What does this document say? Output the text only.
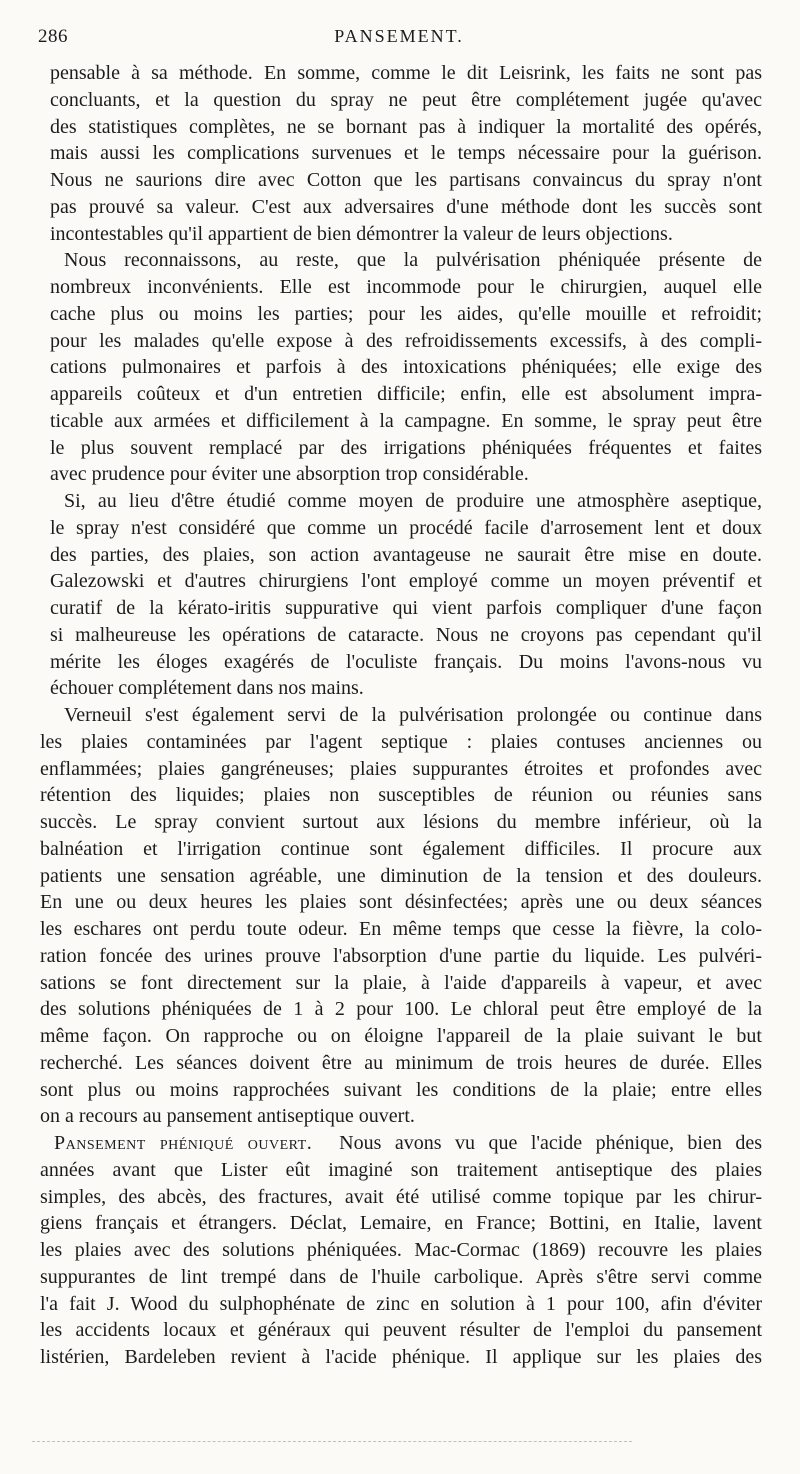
286	PANSEMENT.
pensable à sa méthode. En somme, comme le dit Leisrink, les faits ne sont pas
concluants, et la question du spray ne peut être complétement jugée qu'avec
des statistiques complètes, ne se bornant pas à indiquer la mortalité des opérés,
mais aussi les complications survenues et le temps nécessaire pour la guérison.
Nous ne saurions dire avec Cotton que les partisans convaincus du spray n'ont
pas prouvé sa valeur. C'est aux adversaires d'une méthode dont les succès sont
incontestables qu'il appartient de bien démontrer la valeur de leurs objections.
Nous reconnaissons, au reste, que la pulvérisation phéniquée présente de
nombreux inconvénients. Elle est incommode pour le chirurgien, auquel elle
cache plus ou moins les parties; pour les aides, qu'elle mouille et refroidit;
pour les malades qu'elle expose à des refroidissements excessifs, à des compli-
cations pulmonaires et parfois à des intoxications phéniquées; elle exige des
appareils coûteux et d'un entretien difficile; enfin, elle est absolument impra-
ticable aux armées et difficilement à la campagne. En somme, le spray peut être
le plus souvent remplacé par des irrigations phéniquées fréquentes et faites
avec prudence pour éviter une absorption trop considérable.
Si, au lieu d'être étudié comme moyen de produire une atmosphère aseptique,
le spray n'est considéré que comme un procédé facile d'arrosement lent et doux
des parties, des plaies, son action avantageuse ne saurait être mise en doute.
Galezowski et d'autres chirurgiens l'ont employé comme un moyen préventif et
curatif de la kérato-iritis suppurative qui vient parfois compliquer d'une façon
si malheureuse les opérations de cataracte. Nous ne croyons pas cependant qu'il
mérite les éloges exagérés de l'oculiste français. Du moins l'avons-nous vu
échouer complétement dans nos mains.
Verneuil s'est également servi de la pulvérisation prolongée ou continue dans
les plaies contaminées par l'agent septique : plaies contuses anciennes ou
enflammées; plaies gangréneuses; plaies suppurantes étroites et profondes avec
rétention des liquides; plaies non susceptibles de réunion ou réunies sans
succès. Le spray convient surtout aux lésions du membre inférieur, où la
balnéation et l'irrigation continue sont également difficiles. Il procure aux
patients une sensation agréable, une diminution de la tension et des douleurs.
En une ou deux heures les plaies sont désinfectées; après une ou deux séances
les eschares ont perdu toute odeur. En même temps que cesse la fièvre, la colo-
ration foncée des urines prouve l'absorption d'une partie du liquide. Les pulvéri-
sations se font directement sur la plaie, à l'aide d'appareils à vapeur, et avec
des solutions phéniquées de 1 à 2 pour 100. Le chloral peut être employé de la
même façon. On rapproche ou on éloigne l'appareil de la plaie suivant le but
recherché. Les séances doivent être au minimum de trois heures de durée. Elles
sont plus ou moins rapprochées suivant les conditions de la plaie; entre elles
on a recours au pansement antiseptique ouvert.
Pansement phéniqué ouvert. Nous avons vu que l'acide phénique, bien des
années avant que Lister eût imaginé son traitement antiseptique des plaies
simples, des abcès, des fractures, avait été utilisé comme topique par les chirur-
giens français et étrangers. Déclat, Lemaire, en France; Bottini, en Italie, lavent
les plaies avec des solutions phéniquées. Mac-Cormac (1869) recouvre les plaies
suppurantes de lint trempé dans de l'huile carbolique. Après s'être servi comme
l'a fait J. Wood du sulphophénate de zinc en solution à 1 pour 100, afin d'éviter
les accidents locaux et généraux qui peuvent résulter de l'emploi du pansement
listérien, Bardeleben revient à l'acide phénique. Il applique sur les plaies des
